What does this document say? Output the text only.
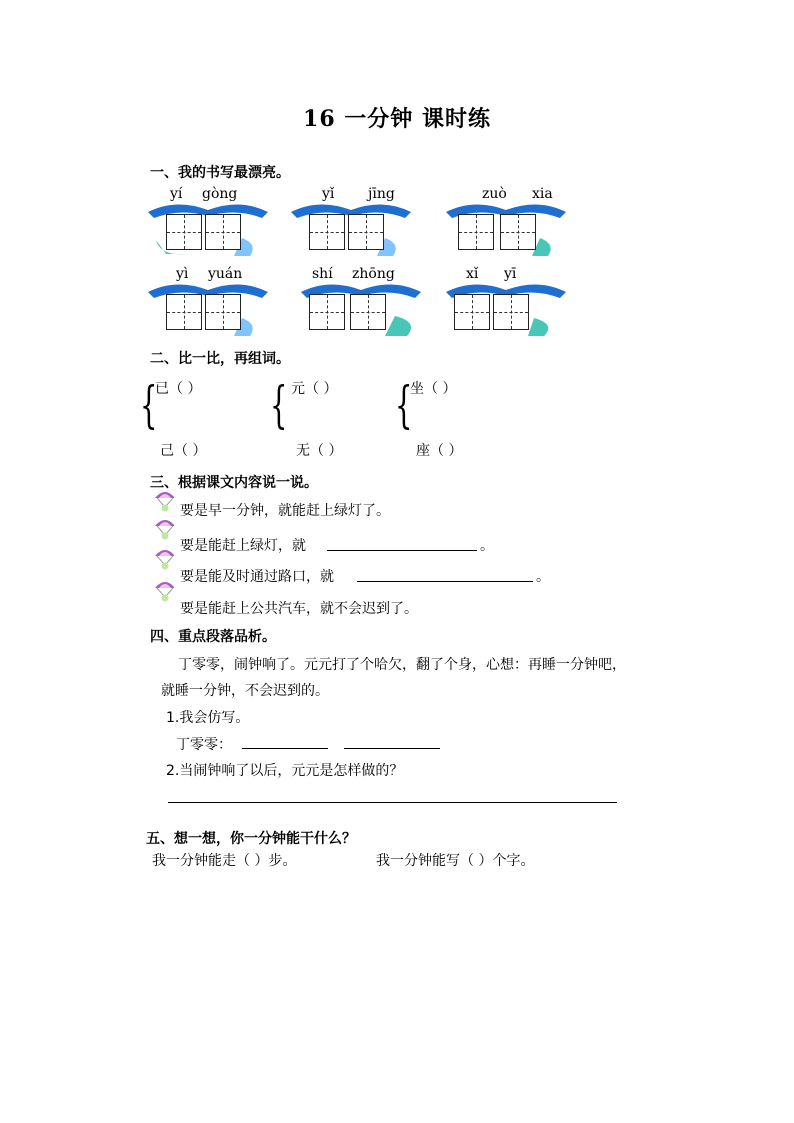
16 一分钟 课时练
一、我的书写最漂亮。
yí gòng	yǐ jīng	zuò xia
yì yuán	shí zhōng	xǐ yī
二、比一比，再组词。
{
已（ ）
己（ ）
{ 元（ ）
无（ ）
{
坐（ ）
座（ ）
三、根据课文内容说一说。
要是早一分钟，就能赶上绿灯了。
要是能赶上绿灯，就	。
要是能及时通过路口，就	。
要是能赶上公共汽车，就不会迟到了。
四、重点段落品析。
丁零零，闹钟响了。元元打了个哈欠，翻了个身，心想：再睡一分钟吧，
就睡一分钟，不会迟到的。
1.我会仿写。
丁零零：
2.当闹钟响了以后，元元是怎样做的？
五、想一想，你一分钟能干什么？
我一分钟能走（ ）步。	我一分钟能写（ ）个字。
